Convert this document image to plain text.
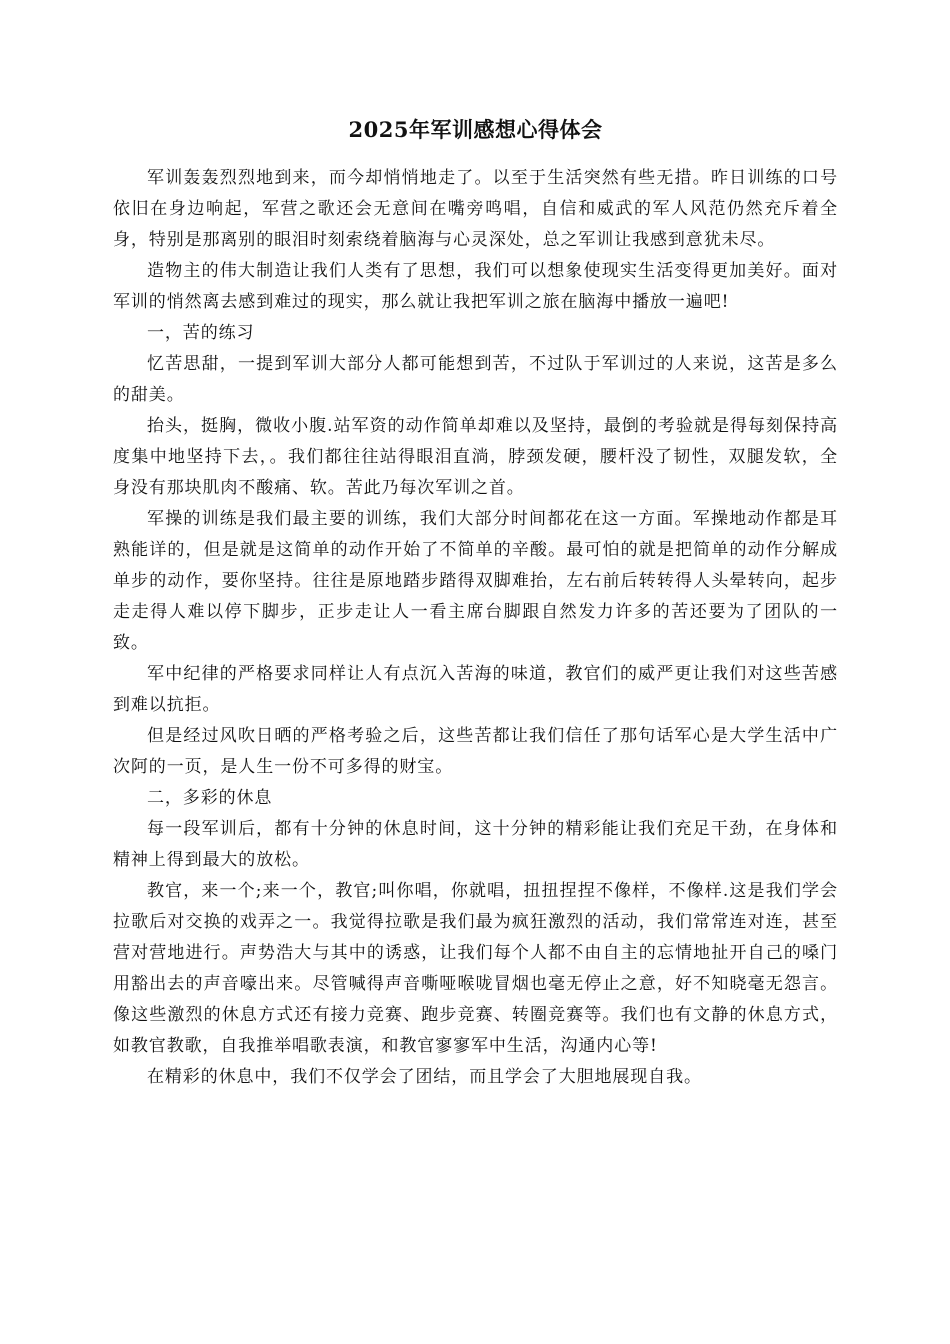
2025年军训感想心得体会

军训轰轰烈烈地到来，而今却悄悄地走了。以至于生活突然有些无措。昨日训练的口号依旧在身边响起，军营之歌还会无意间在嘴旁鸣唱，自信和威武的军人风范仍然充斥着全身，特别是那离别的眼泪时刻索绕着脑海与心灵深处，总之军训让我感到意犹未尽。

造物主的伟大制造让我们人类有了思想，我们可以想象使现实生活变得更加美好。面对军训的悄然离去感到难过的现实，那么就让我把军训之旅在脑海中播放一遍吧!

一，苦的练习

忆苦思甜，一提到军训大部分人都可能想到苦，不过队于军训过的人来说，这苦是多么的甜美。

抬头，挺胸，微收小腹.站军资的动作简单却难以及坚持，最倒的考验就是得每刻保持高度集中地坚持下去，。我们都往往站得眼泪直淌，脖颈发硬，腰杆没了韧性，双腿发软，全身没有那块肌肉不酸痛、软。苦此乃每次军训之首。

军操的训练是我们最主要的训练，我们大部分时间都花在这一方面。军操地动作都是耳熟能详的，但是就是这简单的动作开始了不简单的辛酸。最可怕的就是把简单的动作分解成单步的动作，要你坚持。往往是原地踏步踏得双脚难抬，左右前后转转得人头晕转向，起步走走得人难以停下脚步，正步走让人一看主席台脚跟自然发力许多的苦还要为了团队的一致。

军中纪律的严格要求同样让人有点沉入苦海的味道，教官们的威严更让我们对这些苦感到难以抗拒。

但是经过风吹日晒的严格考验之后，这些苦都让我们信任了那句话军心是大学生活中广次阿的一页，是人生一份不可多得的财宝。

二，多彩的休息

每一段军训后，都有十分钟的休息时间，这十分钟的精彩能让我们充足干劲，在身体和精神上得到最大的放松。

教官，来一个;来一个，教官;叫你唱，你就唱，扭扭捏捏不像样，不像样.这是我们学会拉歌后对交换的戏弄之一。我觉得拉歌是我们最为疯狂激烈的活动，我们常常连对连，甚至营对营地进行。声势浩大与其中的诱惑，让我们每个人都不由自主的忘情地扯开自己的嗓门用豁出去的声音嚎出来。尽管喊得声音嘶哑喉咙冒烟也毫无停止之意，好不知晓毫无怨言。像这些激烈的休息方式还有接力竞赛、跑步竞赛、转圈竞赛等。我们也有文静的休息方式，如教官教歌，自我推举唱歌表演，和教官寥寥军中生活，沟通内心等!

在精彩的休息中，我们不仅学会了团结，而且学会了大胆地展现自我。
